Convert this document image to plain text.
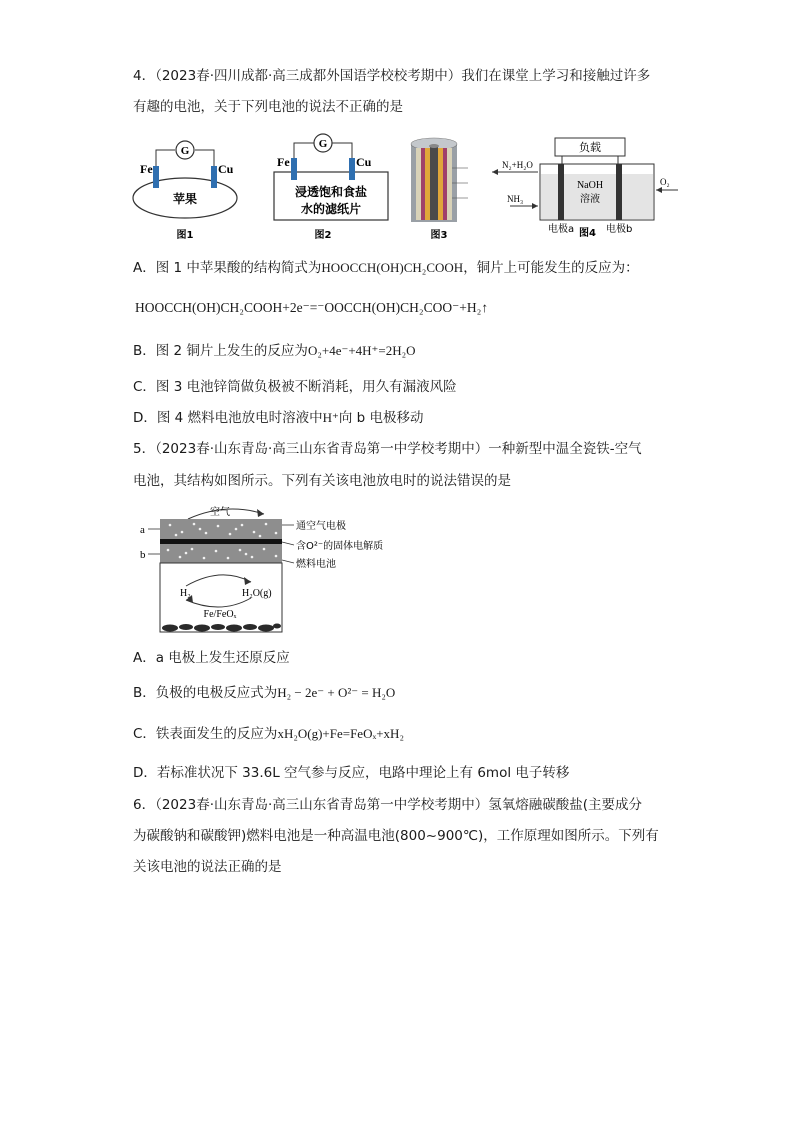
4．（2023春·四川成都·高三成都外国语学校校考期中）我们在课堂上学习和接触过许多
有趣的电池，关于下列电池的说法不正确的是
G
Fe	Cu
苹果
图1
G
Fe	Cu
浸透饱和食盐
水的滤纸片
图2	图3
负载
NaOH
溶液
N₂+H₂O
NH₃
O₂
电极a 图4 电极b
A．图 1 中苹果酸的结构简式为HOOCCH(OH)CH₂COOH，铜片上可能发生的反应为：
HOOCCH(OH)CH₂COOH+2e⁻=⁻OOCCH(OH)CH₂COO⁻+H₂↑
B．图 2 铜片上发生的反应为O₂+4e⁻+4H⁺=2H₂O
C．图 3 电池锌筒做负极被不断消耗，用久有漏液风险
D．图 4 燃料电池放电时溶液中H⁺向 b 电极移动
5．（2023春·山东青岛·高三山东省青岛第一中学校考期中）一种新型中温全瓷铁-空气
电池，其结构如图所示。下列有关该电池放电时的说法错误的是
空气
a
b
通空气电极
含O²⁻的固体电解质
燃料电池
H₂	H₂O(g)
Fe/FeOₓ
A．a 电极上发生还原反应
B．负极的电极反应式为H₂ − 2e⁻ + O²⁻ = H₂O
C．铁表面发生的反应为xH₂O(g)+Fe=FeOₓ+xH₂
D．若标准状况下 33.6L 空气参与反应，电路中理论上有 6mol 电子转移
6．（2023春·山东青岛·高三山东省青岛第一中学校考期中）氢氧熔融碳酸盐(主要成分
为碳酸钠和碳酸钾)燃料电池是一种高温电池(800~900℃)，工作原理如图所示。下列有
关该电池的说法正确的是
